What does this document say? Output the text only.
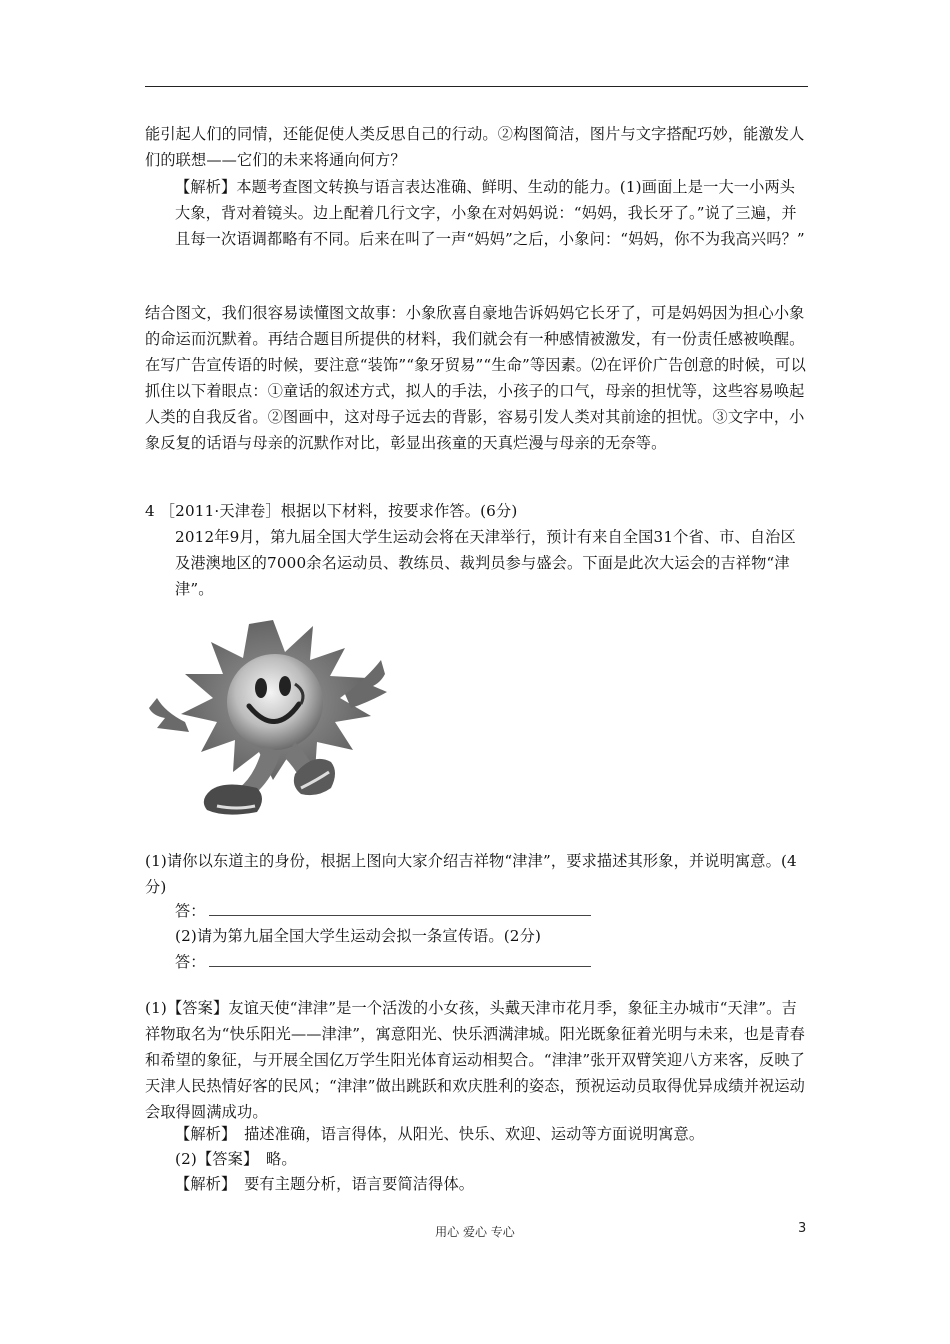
能引起人们的同情，还能促使人类反思自己的行动。②构图简洁，图片与文字搭配巧妙，能激发人们的联想——它们的未来将通向何方？

【解析】本题考查图文转换与语言表达准确、鲜明、生动的能力。(1)画面上是一大一小两头大象，背对着镜头。边上配着几行文字，小象在对妈妈说：“妈妈，我长牙了。”说了三遍，并且每一次语调都略有不同。后来在叫了一声“妈妈”之后，小象问：“妈妈，你不为我高兴吗？”

结合图文，我们很容易读懂图文故事：小象欣喜自豪地告诉妈妈它长牙了，可是妈妈因为担心小象的命运而沉默着。再结合题目所提供的材料，我们就会有一种感情被激发，有一份责任感被唤醒。在写广告宣传语的时候，要注意“装饰”“象牙贸易”“生命”等因素。⑵在评价广告创意的时候，可以抓住以下着眼点：①童话的叙述方式，拟人的手法，小孩子的口气，母亲的担忧等，这些容易唤起人类的自我反省。②图画中，这对母子远去的背影，容易引发人类对其前途的担忧。③文字中，小象反复的话语与母亲的沉默作对比，彰显出孩童的天真烂漫与母亲的无奈等。

4 ［2011·天津卷］根据以下材料，按要求作答。(6分)

2012年9月，第九届全国大学生运动会将在天津举行，预计有来自全国31个省、市、自治区及港澳地区的7000余名运动员、教练员、裁判员参与盛会。下面是此次大运会的吉祥物“津津”。

(1)请你以东道主的身份，根据上图向大家介绍吉祥物“津津”，要求描述其形象，并说明寓意。(4分)

答：

(2)请为第九届全国大学生运动会拟一条宣传语。(2分)

答：

(1)【答案】友谊天使“津津”是一个活泼的小女孩，头戴天津市花月季，象征主办城市“天津”。吉祥物取名为“快乐阳光——津津”，寓意阳光、快乐洒满津城。阳光既象征着光明与未来，也是青春和希望的象征，与开展全国亿万学生阳光体育运动相契合。“津津”张开双臂笑迎八方来客，反映了天津人民热情好客的民风；“津津”做出跳跃和欢庆胜利的姿态，预祝运动员取得优异成绩并祝运动会取得圆满成功。

【解析】　描述准确，语言得体，从阳光、快乐、欢迎、运动等方面说明寓意。

(2)【答案】　略。

【解析】　要有主题分析，语言要简洁得体。

用心 爱心 专心	3
